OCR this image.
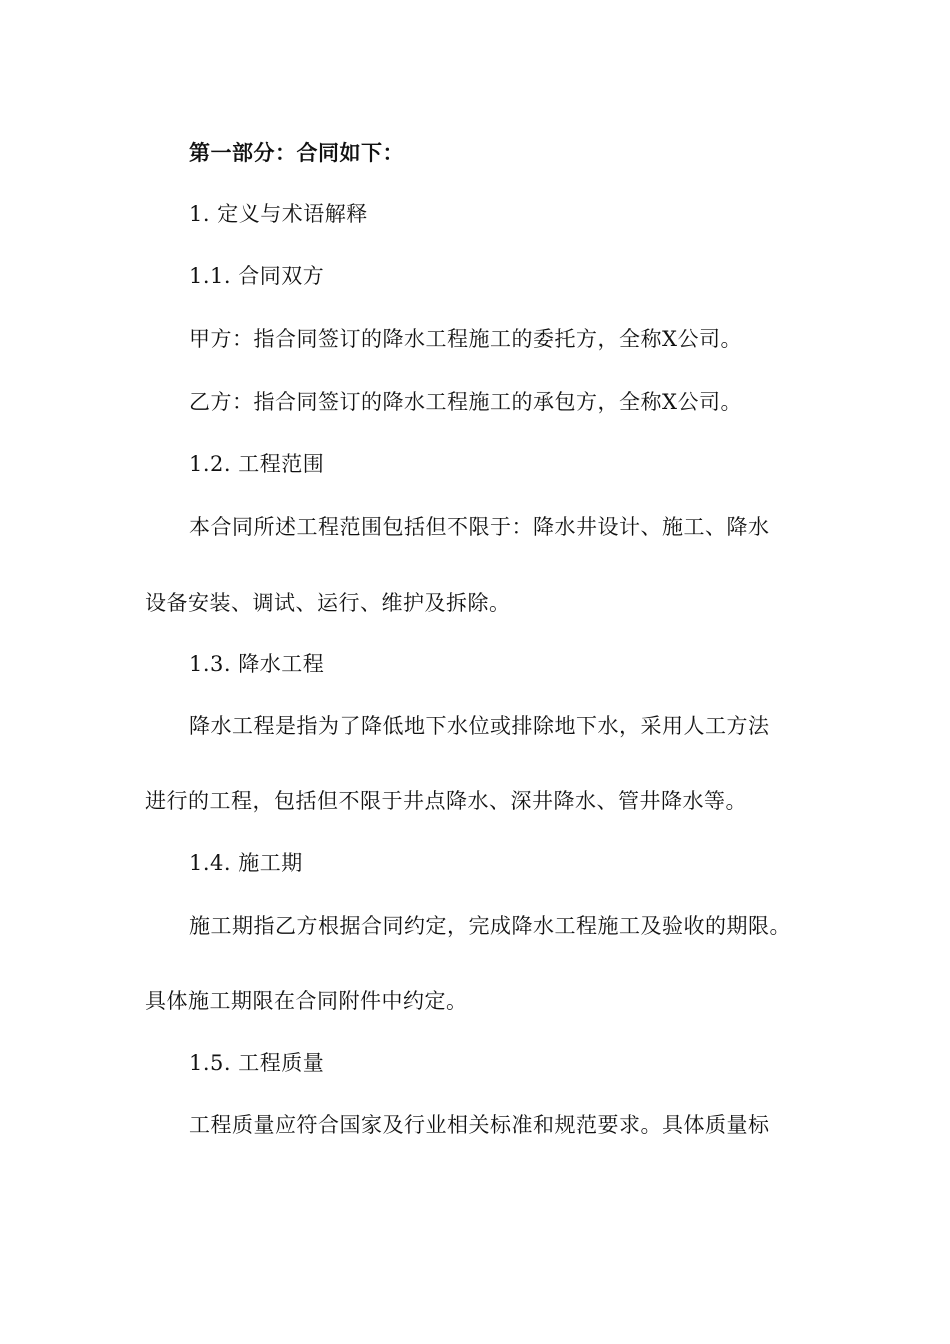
第一部分：合同如下：

1. 定义与术语解释

1.1. 合同双方

甲方：指合同签订的降水工程施工的委托方，全称X公司。

乙方：指合同签订的降水工程施工的承包方，全称X公司。

1.2. 工程范围

本合同所述工程范围包括但不限于：降水井设计、施工、降水

设备安装、调试、运行、维护及拆除。

1.3. 降水工程

降水工程是指为了降低地下水位或排除地下水，采用人工方法

进行的工程，包括但不限于井点降水、深井降水、管井降水等。

1.4. 施工期

施工期指乙方根据合同约定，完成降水工程施工及验收的期限。

具体施工期限在合同附件中约定。

1.5. 工程质量

工程质量应符合国家及行业相关标准和规范要求。具体质量标
